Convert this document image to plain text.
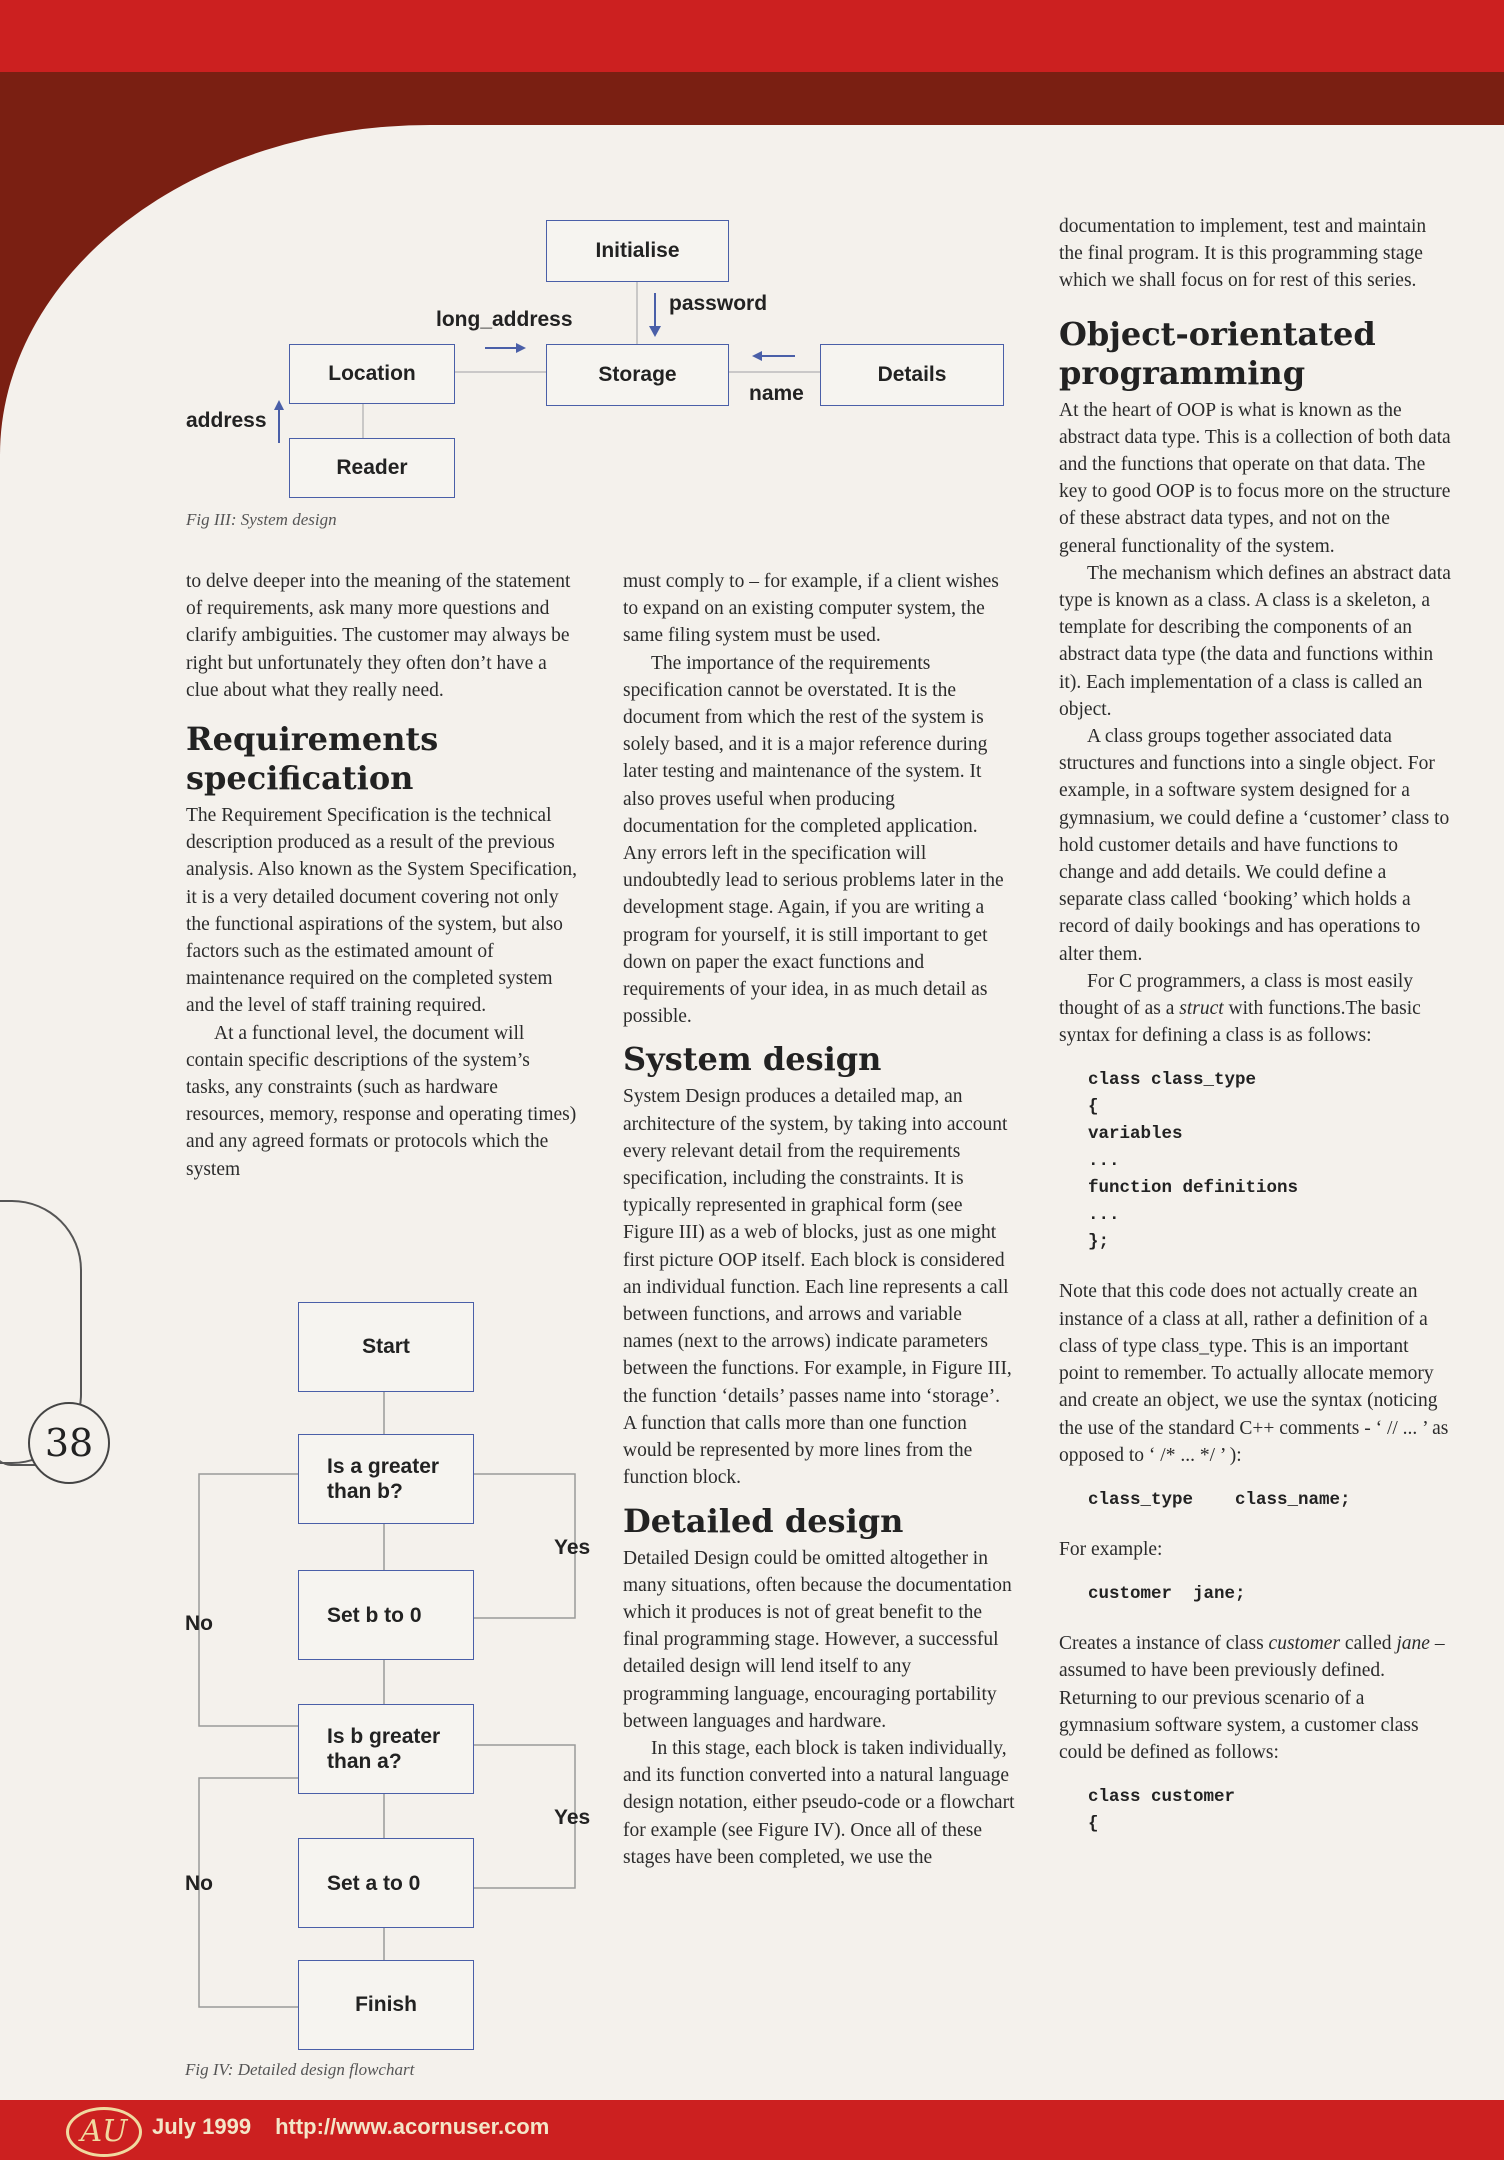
AU	July 1999 http://www.acornuser.com
38
Initialise
Storage
Location	Details
Reader
password
long_address
name
address
Fig III: System design
Start
Is a greater than b?
Set b to 0
Is b greater than a?
Set a to 0
Finish
Yes
No
Yes
No
Fig IV: Detailed design flowchart

to delve deeper into the meaning of the statement of requirements, ask many more questions and clarify ambiguities. The customer may always be right but unfortunately they often don’t have a clue about what they really need.

Requirements specification

The Requirement Specification is the technical description produced as a result of the previous analysis. Also known as the System Specification, it is a very detailed document covering not only the functional aspirations of the system, but also factors such as the estimated amount of maintenance required on the completed system and the level of staff training required.

At a functional level, the document will contain specific descriptions of the system’s tasks, any constraints (such as hardware resources, memory, response and operating times) and any agreed formats or protocols which the system

must comply to – for example, if a client wishes to expand on an existing computer system, the same filing system must be used.

The importance of the requirements specification cannot be overstated. It is the document from which the rest of the system is solely based, and it is a major reference during later testing and maintenance of the system. It also proves useful when producing documentation for the completed application. Any errors left in the specification will undoubtedly lead to serious problems later in the development stage. Again, if you are writing a program for yourself, it is still important to get down on paper the exact functions and requirements of your idea, in as much detail as possible.

System design

System Design produces a detailed map, an architecture of the system, by taking into account every relevant detail from the requirements specification, including the constraints. It is typically represented in graphical form (see Figure III) as a web of blocks, just as one might first picture OOP itself. Each block is considered an individual function. Each line represents a call between functions, and arrows and variable names (next to the arrows) indicate parameters between the functions. For example, in Figure III, the function ‘details’ passes name into ‘storage’. A function that calls more than one function would be represented by more lines from the function block.

Detailed design

Detailed Design could be omitted altogether in many situations, often because the documentation which it produces is not of great benefit to the final programming stage. However, a successful detailed design will lend itself to any programming language, encouraging portability between languages and hardware.

In this stage, each block is taken individually, and its function converted into a natural language design notation, either pseudo-code or a flowchart for example (see Figure IV). Once all of these stages have been completed, we use the

documentation to implement, test and maintain the final program. It is this programming stage which we shall focus on for rest of this series.

Object-orientated programming

At the heart of OOP is what is known as the abstract data type. This is a collection of both data and the functions that operate on that data. The key to good OOP is to focus more on the structure of these abstract data types, and not on the general functionality of the system.

The mechanism which defines an abstract data type is known as a class. A class is a skeleton, a template for describing the components of an abstract data type (the data and functions within it). Each implementation of a class is called an object.

A class groups together associated data structures and functions into a single object. For example, in a software system designed for a gymnasium, we could define a ‘customer’ class to hold customer details and have functions to change and add details. We could define a separate class called ‘booking’ which holds a record of daily bookings and has operations to alter them.

For C programmers, a class is most easily thought of as a struct with functions.The basic syntax for defining a class is as follows:

class class_type
{
variables
...
function definitions
...
};

Note that this code does not actually create an instance of a class at all, rather a definition of a class of type class_type. This is an important point to remember. To actually allocate memory and create an object, we use the syntax (noticing the use of the standard C++ comments - ‘ // ... ’ as opposed to ‘ /* ... */ ’ ):

class_type    class_name;

For example:

customer  jane;

Creates a instance of class customer called jane – assumed to have been previously defined. Returning to our previous scenario of a gymnasium software system, a customer class could be defined as follows:

class customer
{
